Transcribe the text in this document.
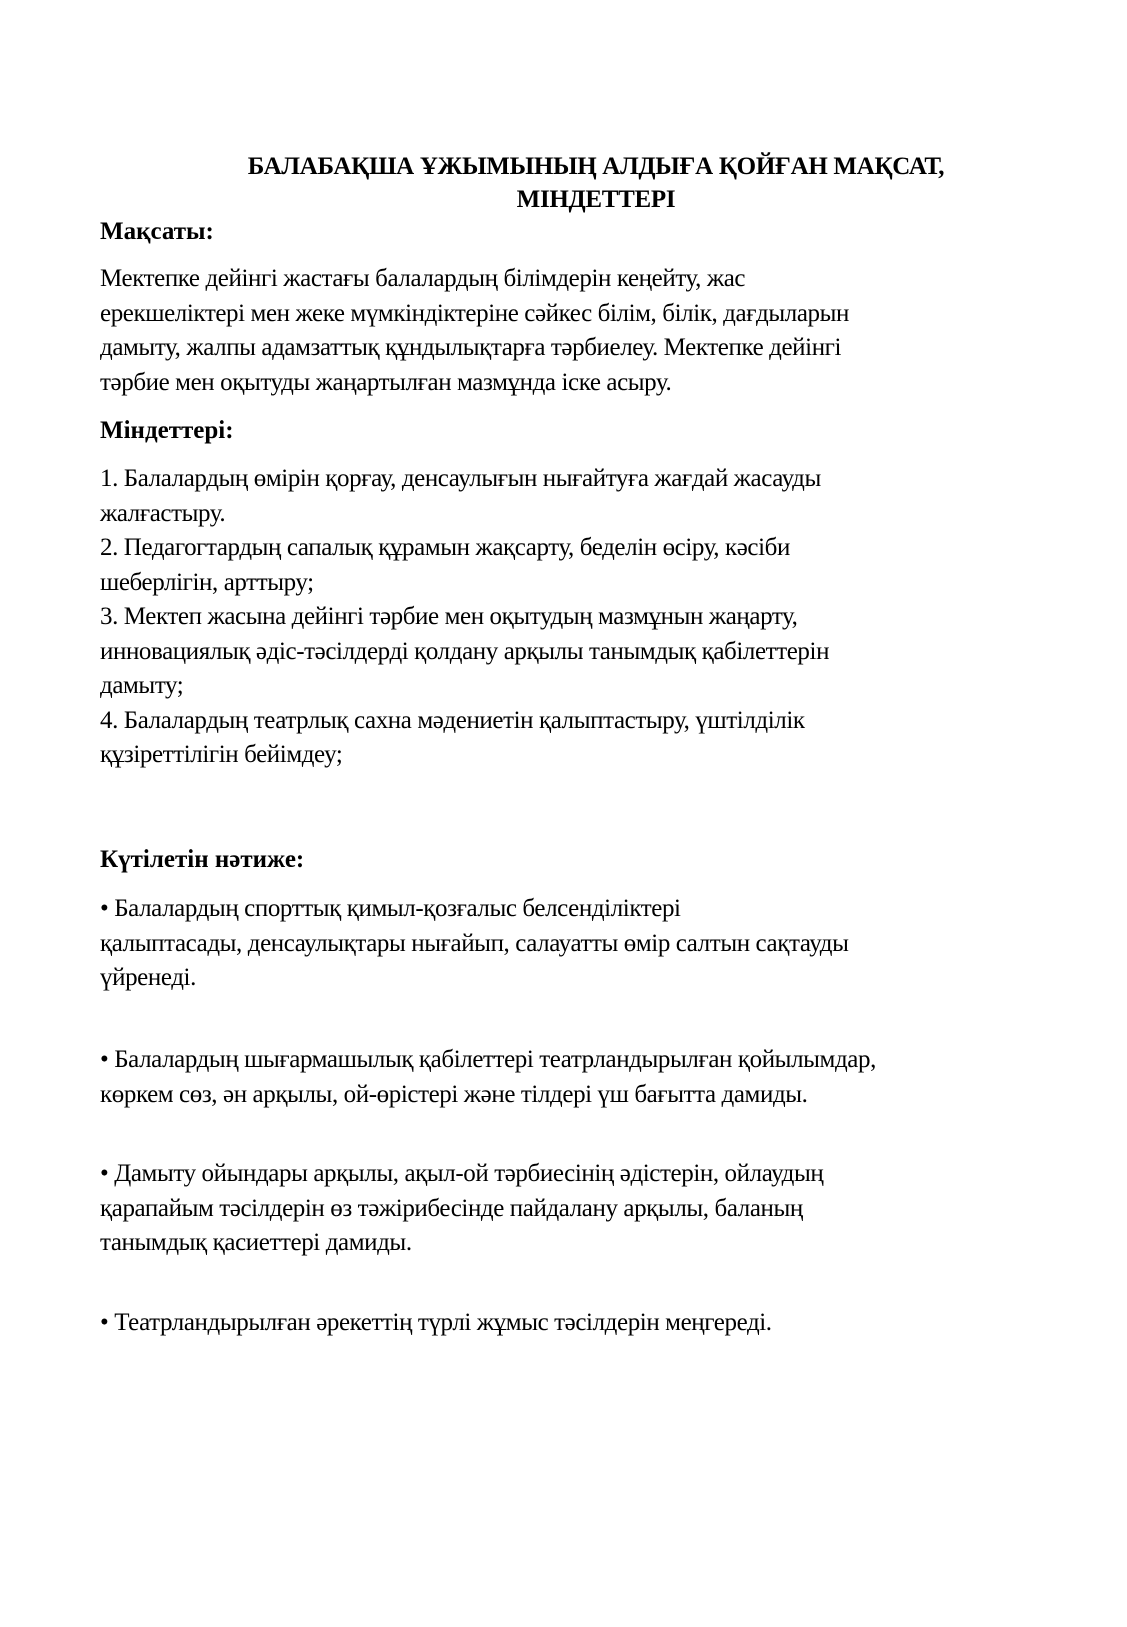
БАЛАБАҚША ҰЖЫМЫНЫҢ АЛДЫҒА ҚОЙҒАН МАҚСАТ,
МІНДЕТТЕРІ
Мақсаты:
Мектепке дейінгі жастағы балалардың білімдерін кеңейту, жас
ерекшеліктері мен жеке мүмкіндіктеріне сәйкес білім, білік, дағдыларын
дамыту, жалпы адамзаттық құндылықтарға тәрбиелеу. Мектепке дейінгі
тәрбие мен оқытуды жаңартылған мазмұнда іске асыру.
Міндеттері:
1. Балалардың өмірін қорғау, денсаулығын нығайтуға жағдай жасауды
жалғастыру.
2. Педагогтардың сапалық құрамын жақсарту, беделін өсіру, кәсіби
шеберлігін, арттыру;
3. Мектеп жасына дейінгі тәрбие мен оқытудың мазмұнын жаңарту,
инновациялық әдіс-тәсілдерді қолдану арқылы танымдық қабілеттерін
дамыту;
4. Балалардың театрлық сахна мәдениетін қалыптастыру, үштілділік
құзіреттілігін бейімдеу;
Күтілетін нәтиже:
• Балалардың спорттық қимыл-қозғалыс белсенділіктері
қалыптасады, денсаулықтары нығайып, салауатты өмір салтын сақтауды
үйренеді.
• Балалардың шығармашылық қабілеттері театрландырылған қойылымдар,
көркем сөз, ән арқылы, ой-өрістері және тілдері үш бағытта дамиды.
• Дамыту ойындары арқылы, ақыл-ой тәрбиесінің әдістерін, ойлаудың
қарапайым тәсілдерін өз тәжірибесінде пайдалану арқылы, баланың
танымдық қасиеттері дамиды.
• Театрландырылған әрекеттің түрлі жұмыс тәсілдерін меңгереді.
